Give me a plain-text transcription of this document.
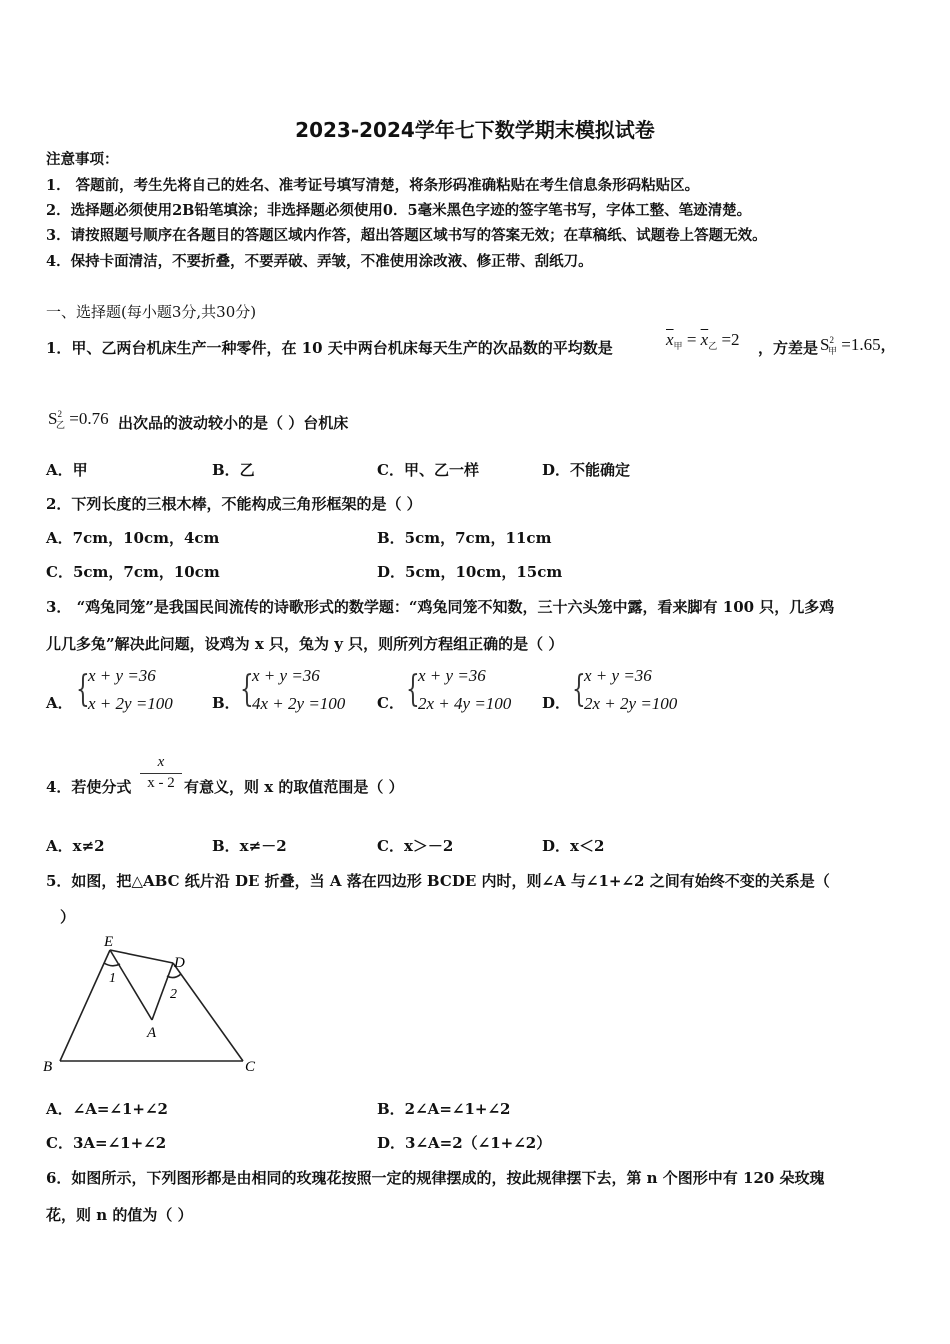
2023-2024学年七下数学期末模拟试卷
注意事项：
1． 答题前，考生先将自己的姓名、准考证号填写清楚，将条形码准确粘贴在考生信息条形码粘贴区。
2．选择题必须使用2B铅笔填涂；非选择题必须使用0．5毫米黑色字迹的签字笔书写，字体工整、笔迹清楚。
3．请按照题号顺序在各题目的答题区域内作答，超出答题区域书写的答案无效；在草稿纸、试题卷上答题无效。
4．保持卡面清洁，不要折叠，不要弄破、弄皱，不准使用涂改液、修正带、刮纸刀。
一、选择题(每小题3分,共30分)
1．甲、乙两台机床生产一种零件，在 10 天中两台机床每天生产的次品数的平均数是	$\overline{x}_甲 = \overline{x}_乙 =2$ ，方差是 $S^2_甲 =1.65$，
$S^2_乙 =0.76$ 出次品的波动较小的是（ ）台机床
A．甲	B．乙	C．甲、乙一样	D．不能确定
2．下列长度的三根木棒，不能构成三角形框架的是（ ）
A．7cm，10cm，4cm	B．5cm，7cm，11cm
C．5cm，7cm，10cm	D．5cm，10cm，15cm
3． “鸡兔同笼”是我国民间流传的诗歌形式的数学题：“鸡兔同笼不知数，三十六头笼中露，看来脚有 100 只，几多鸡
儿几多兔”解决此问题，设鸡为 x 只，兔为 y 只，则所列方程组正确的是（ ）
A． {
x + y =36
x + 2y =100	B． {
x + y =36
4x + 2y =100 C． {
x + y =36
2x + 4y =100 D． {
x + y =36
2x + 2y =100
4．若使分式 $\frac{x}{x - 2}$ 有意义，则 x 的取值范围是（ ）
A．x≠2	B．x≠－2	C．x＞－2	D．x＜2
5．如图，把△ABC 纸片沿 DE 折叠，当 A 落在四边形 BCDE 内时，则∠A 与∠1+∠2 之间有始终不变的关系是（
）
E
D
A
B	C
1
2
A．∠A=∠1+∠2	B．2∠A=∠1+∠2
C．3A=∠1+∠2	D．3∠A=2（∠1+∠2）
6．如图所示，下列图形都是由相同的玫瑰花按照一定的规律摆成的，按此规律摆下去，第 n 个图形中有 120 朵玫瑰
花，则 n 的值为（ ）
